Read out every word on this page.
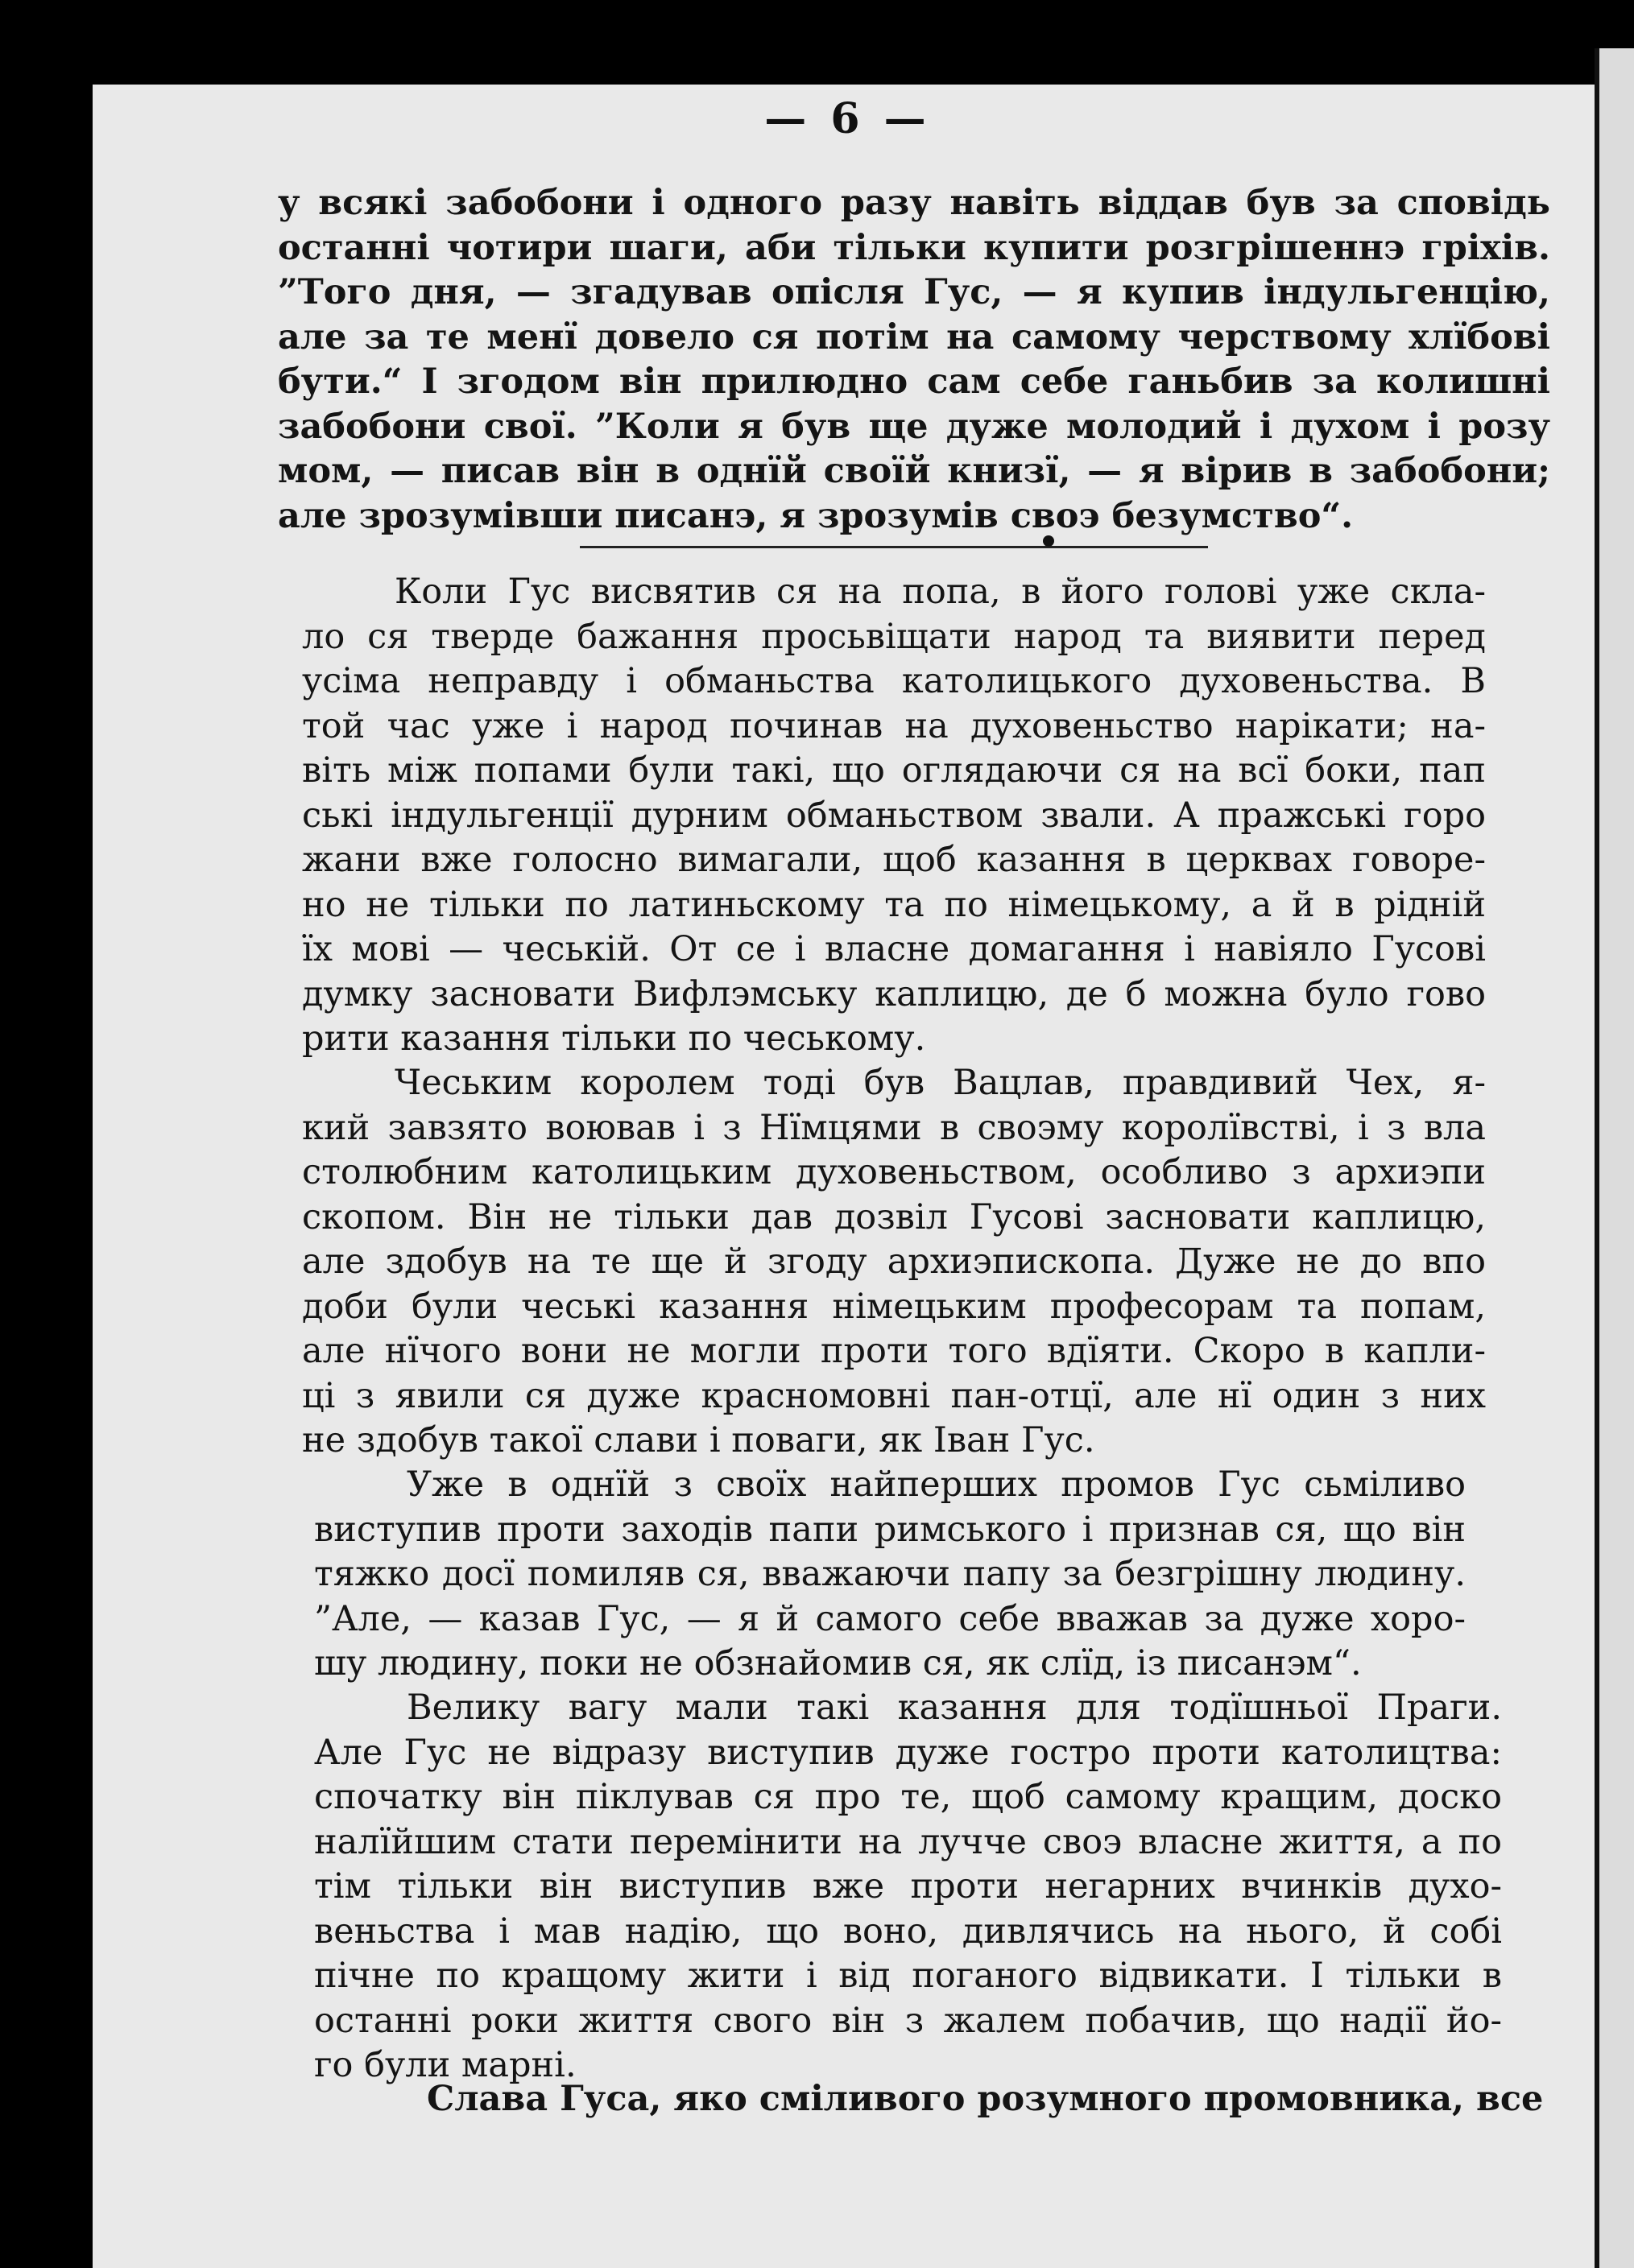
— 6 —
у всякі забобони і одного разу навіть віддав був за сповідь
останні чотири шаги, аби тільки купити розгрішеннэ гріхів.
”Того дня, — згадував опісля Гус, — я купив індульгенцію,
але за те менї довело ся потім на самому черствому хлїбові
бути.“ І згодом він прилюдно сам себе ганьбив за колишні
забобони свої. ”Коли я був ще дуже молодий і духом і розу
мом, — писав він в однїй своїй книзї, — я вірив в забобони;
але зрозумівши писанэ, я зрозумів своэ безумство“.
Коли Гус висвятив ся на попа, в його голові уже скла-
ло ся тверде бажання просьвіщати народ та виявити перед
усіма неправду і обманьства католицького духовеньства. В
той час уже і народ починав на духовеньство нарікати; на-
віть між попами були такі, що оглядаючи ся на всї боки, пап
ські індульгенції дурним обманьством звали. А пражські горо
жани вже голосно вимагали, щоб казання в церквах говоре-
но не тільки по латиньскому та по німецькому, а й в рідній
їх мові — чеській. От се і власне домагання і навіяло Гусові
думку засновати Вифлэмську каплицю, де б можна було гово
рити казання тільки по чеському.
Чеським королем тоді був Вацлав, правдивий Чех, я-
кий завзято воював і з Нїмцями в своэму королївстві, і з вла
столюбним католицьким духовеньством, особливо з архиэпи
скопом. Він не тільки дав дозвіл Гусові засновати каплицю,
але здобув на те ще й згоду архиэпископа. Дуже не до впо
доби були чеські казання німецьким професорам та попам,
але нїчого вони не могли проти того вдїяти. Скоро в капли-
ці з явили ся дуже красномовні пан-отцї, але нї один з них
не здобув такої слави і поваги, як Іван Гус.
Уже в однїй з своїх найперших промов Гус сьміливо
виступив проти заходів папи римського і признав ся, що він
тяжко досї помиляв ся, вважаючи папу за безгрішну людину.
”Але, — казав Гус, — я й самого себе вважав за дуже хоро-
шу людину, поки не обзнайомив ся, як слїд, із писанэм“.
Велику вагу мали такі казання для тодїшньої Праги.
Але Гус не відразу виступив дуже гостро проти католицтва:
спочатку він піклував ся про те, щоб самому кращим, доско
налїйшим стати перемінити на лучче своэ власне життя, а по
тім тільки він виступив вже проти негарних вчинків духо-
веньства і мав надію, що воно, дивлячись на нього, й собі
пічне по кращому жити і від поганого відвикати. І тільки в
останні роки життя свого він з жалем побачив, що надії йо-
го були марні.
Слава Гуса, яко сміливого розумного промовника, все
